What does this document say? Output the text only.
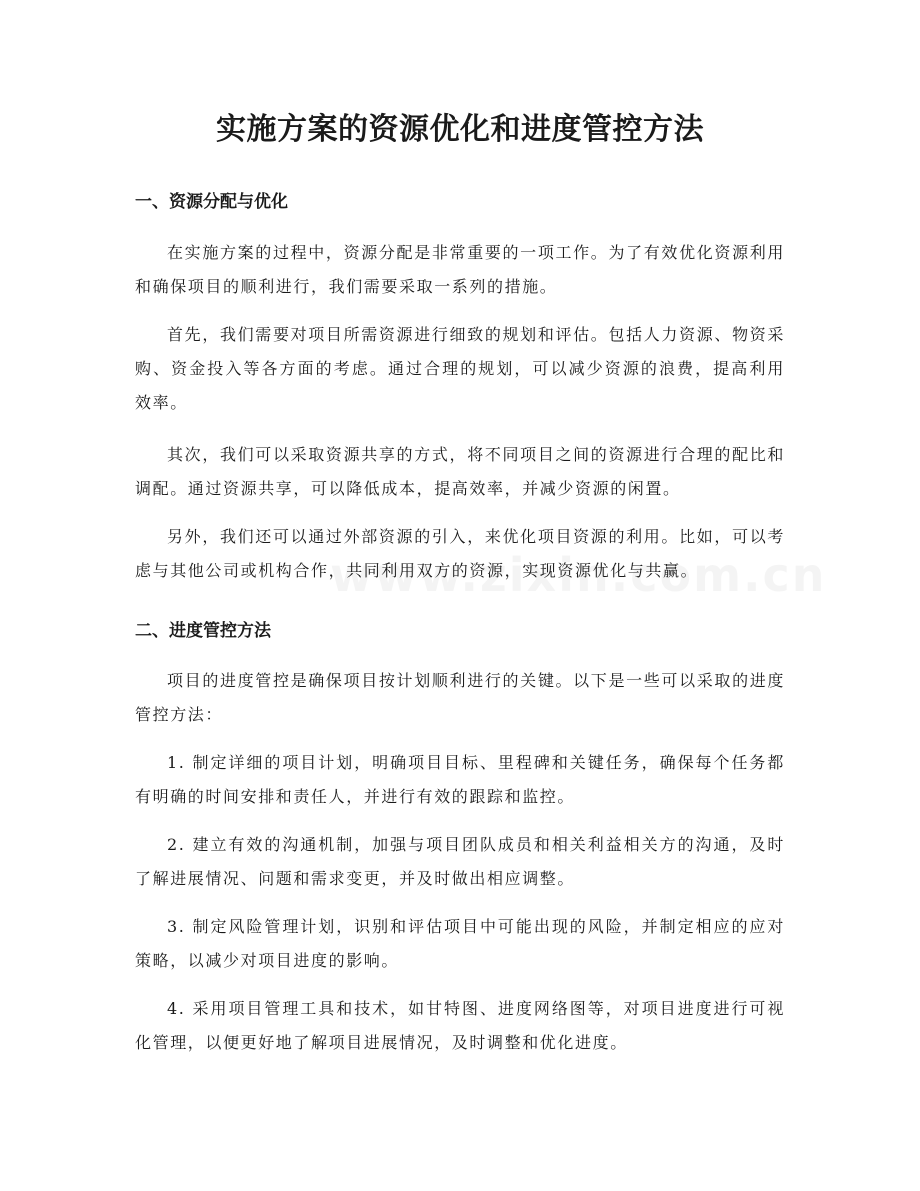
实施方案的资源优化和进度管控方法
一、资源分配与优化

在实施方案的过程中，资源分配是非常重要的一项工作。为了有效优化资源利用和确保项目的顺利进行，我们需要采取一系列的措施。

首先，我们需要对项目所需资源进行细致的规划和评估。包括人力资源、物资采购、资金投入等各方面的考虑。通过合理的规划，可以减少资源的浪费，提高利用效率。

其次，我们可以采取资源共享的方式，将不同项目之间的资源进行合理的配比和调配。通过资源共享，可以降低成本，提高效率，并减少资源的闲置。

另外，我们还可以通过外部资源的引入，来优化项目资源的利用。比如，可以考虑与其他公司或机构合作，共同利用双方的资源，实现资源优化与共赢。

二、进度管控方法

项目的进度管控是确保项目按计划顺利进行的关键。以下是一些可以采取的进度管控方法：

1. 制定详细的项目计划，明确项目目标、里程碑和关键任务，确保每个任务都有明确的时间安排和责任人，并进行有效的跟踪和监控。

2. 建立有效的沟通机制，加强与项目团队成员和相关利益相关方的沟通，及时了解进展情况、问题和需求变更，并及时做出相应调整。

3. 制定风险管理计划，识别和评估项目中可能出现的风险，并制定相应的应对策略，以减少对项目进度的影响。

4. 采用项目管理工具和技术，如甘特图、进度网络图等，对项目进度进行可视化管理，以便更好地了解项目进展情况，及时调整和优化进度。
